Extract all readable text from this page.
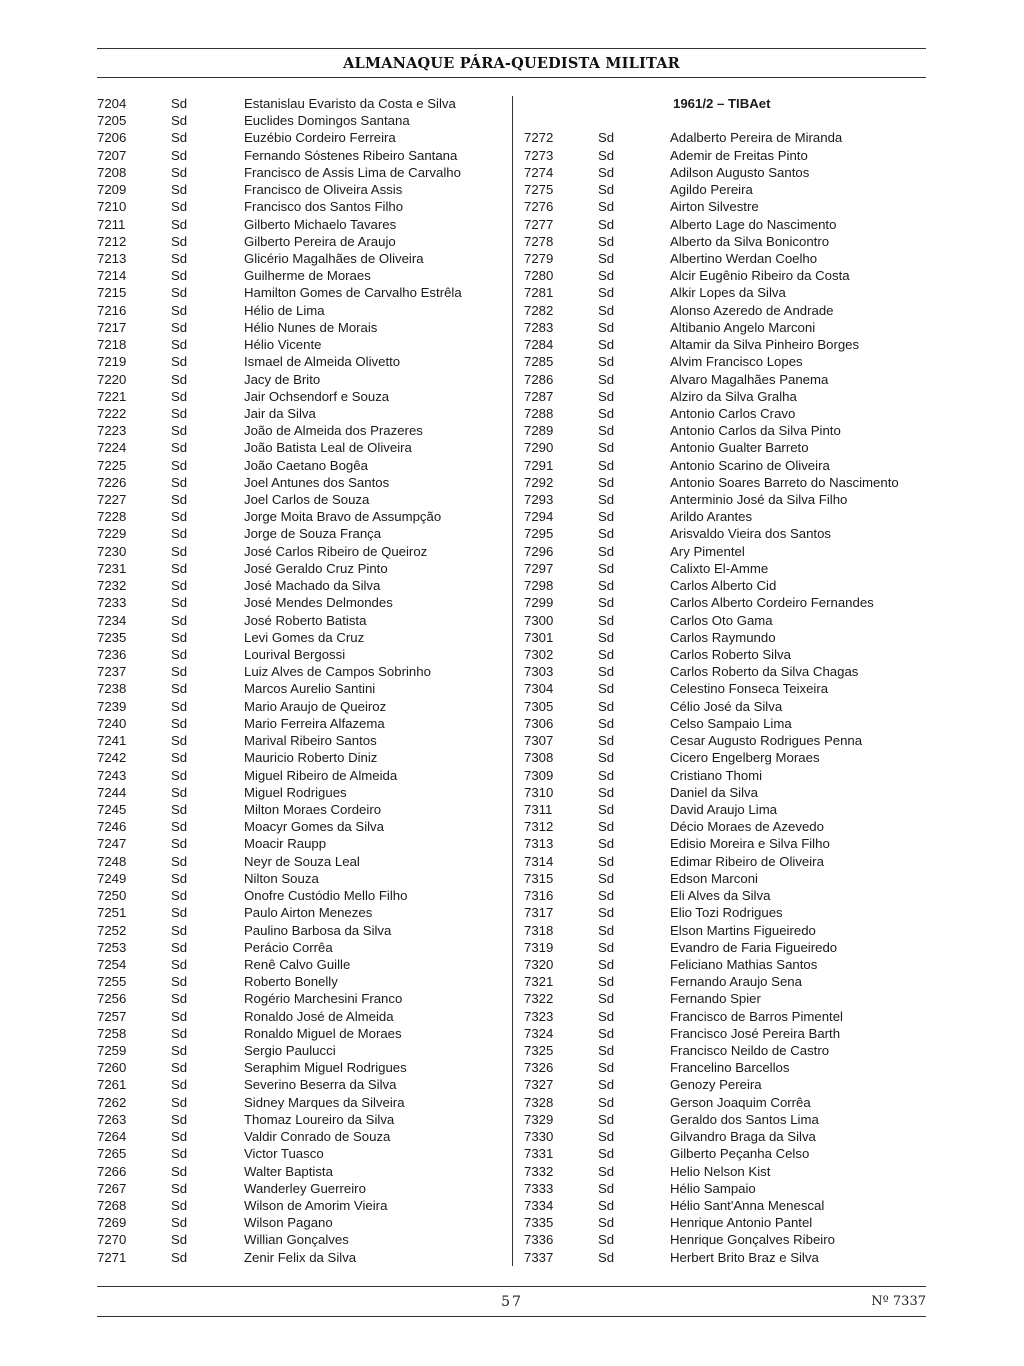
ALMANAQUE PÁRA-QUEDISTA MILITAR
7204	Sd	Estanislau Evaristo da Costa e Silva
7205	Sd	Euclides Domingos Santana
7206	Sd	Euzébio Cordeiro Ferreira
7207	Sd	Fernando Sóstenes Ribeiro Santana
7208	Sd	Francisco de Assis Lima de Carvalho
7209	Sd	Francisco de Oliveira Assis
7210	Sd	Francisco dos Santos Filho
7211	Sd	Gilberto Michaelo Tavares
7212	Sd	Gilberto Pereira de Araujo
7213	Sd	Glicério Magalhães de Oliveira
7214	Sd	Guilherme de Moraes
7215	Sd	Hamilton Gomes de Carvalho Estrêla
7216	Sd	Hélio de Lima
7217	Sd	Hélio Nunes de Morais
7218	Sd	Hélio Vicente
7219	Sd	Ismael de Almeida Olivetto
7220	Sd	Jacy de Brito
7221	Sd	Jair Ochsendorf e Souza
7222	Sd	Jair da Silva
7223	Sd	João de Almeida dos Prazeres
7224	Sd	João Batista Leal de Oliveira
7225	Sd	João Caetano Bogêa
7226	Sd	Joel Antunes dos Santos
7227	Sd	Joel Carlos de Souza
7228	Sd	Jorge Moita Bravo de Assumpção
7229	Sd	Jorge de Souza França
7230	Sd	José Carlos Ribeiro de Queiroz
7231	Sd	José Geraldo Cruz Pinto
7232	Sd	José Machado da Silva
7233	Sd	José Mendes Delmondes
7234	Sd	José Roberto Batista
7235	Sd	Levi Gomes da Cruz
7236	Sd	Lourival Bergossi
7237	Sd	Luiz Alves de Campos Sobrinho
7238	Sd	Marcos Aurelio Santini
7239	Sd	Mario Araujo de Queiroz
7240	Sd	Mario Ferreira Alfazema
7241	Sd	Marival Ribeiro Santos
7242	Sd	Mauricio Roberto Diniz
7243	Sd	Miguel Ribeiro de Almeida
7244	Sd	Miguel Rodrigues
7245	Sd	Milton Moraes Cordeiro
7246	Sd	Moacyr Gomes da Silva
7247	Sd	Moacir Raupp
7248	Sd	Neyr de Souza Leal
7249	Sd	Nilton Souza
7250	Sd	Onofre Custódio Mello Filho
7251	Sd	Paulo Airton Menezes
7252	Sd	Paulino Barbosa da Silva
7253	Sd	Perácio Corrêa
7254	Sd	Renê Calvo Guille
7255	Sd	Roberto Bonelly
7256	Sd	Rogério Marchesini Franco
7257	Sd	Ronaldo José de Almeida
7258	Sd	Ronaldo Miguel de Moraes
7259	Sd	Sergio Paulucci
7260	Sd	Seraphim Miguel Rodrigues
7261	Sd	Severino Beserra da Silva
7262	Sd	Sidney Marques da Silveira
7263	Sd	Thomaz Loureiro da Silva
7264	Sd	Valdir Conrado de Souza
7265	Sd	Victor Tuasco
7266	Sd	Walter Baptista
7267	Sd	Wanderley Guerreiro
7268	Sd	Wilson de Amorim Vieira
7269	Sd	Wilson Pagano
7270	Sd	Willian Gonçalves
7271	Sd	Zenir Felix da Silva
1961/2 – TIBAet
7272	Sd	Adalberto Pereira de Miranda
7273	Sd	Ademir de Freitas Pinto
7274	Sd	Adilson Augusto Santos
7275	Sd	Agildo Pereira
7276	Sd	Airton Silvestre
7277	Sd	Alberto Lage do Nascimento
7278	Sd	Alberto da Silva Bonicontro
7279	Sd	Albertino Werdan Coelho
7280	Sd	Alcir Eugênio Ribeiro da Costa
7281	Sd	Alkir Lopes da Silva
7282	Sd	Alonso Azeredo de Andrade
7283	Sd	Altibanio Angelo Marconi
7284	Sd	Altamir da Silva Pinheiro Borges
7285	Sd	Alvim Francisco Lopes
7286	Sd	Alvaro Magalhães Panema
7287	Sd	Alziro da Silva Gralha
7288	Sd	Antonio Carlos Cravo
7289	Sd	Antonio Carlos da Silva Pinto
7290	Sd	Antonio Gualter Barreto
7291	Sd	Antonio Scarino de Oliveira
7292	Sd	Antonio Soares Barreto do Nascimento
7293	Sd	Anterminio José da Silva Filho
7294	Sd	Arildo Arantes
7295	Sd	Arisvaldo Vieira dos Santos
7296	Sd	Ary Pimentel
7297	Sd	Calixto El-Amme
7298	Sd	Carlos Alberto Cid
7299	Sd	Carlos Alberto Cordeiro Fernandes
7300	Sd	Carlos Oto Gama
7301	Sd	Carlos Raymundo
7302	Sd	Carlos Roberto Silva
7303	Sd	Carlos Roberto da Silva Chagas
7304	Sd	Celestino Fonseca Teixeira
7305	Sd	Célio José da Silva
7306	Sd	Celso Sampaio Lima
7307	Sd	Cesar Augusto Rodrigues Penna
7308	Sd	Cicero Engelberg Moraes
7309	Sd	Cristiano Thomi
7310	Sd	Daniel da Silva
7311	Sd	David Araujo Lima
7312	Sd	Décio Moraes de Azevedo
7313	Sd	Edisio Moreira e Silva Filho
7314	Sd	Edimar Ribeiro de Oliveira
7315	Sd	Edson Marconi
7316	Sd	Eli Alves da Silva
7317	Sd	Elio Tozi Rodrigues
7318	Sd	Elson Martins Figueiredo
7319	Sd	Evandro de Faria Figueiredo
7320	Sd	Feliciano Mathias Santos
7321	Sd	Fernando Araujo Sena
7322	Sd	Fernando Spier
7323	Sd	Francisco de Barros Pimentel
7324	Sd	Francisco José Pereira Barth
7325	Sd	Francisco Neildo de Castro
7326	Sd	Francelino Barcellos
7327	Sd	Genozy Pereira
7328	Sd	Gerson Joaquim Corrêa
7329	Sd	Geraldo dos Santos Lima
7330	Sd	Gilvandro Braga da Silva
7331	Sd	Gilberto Peçanha Celso
7332	Sd	Helio Nelson Kist
7333	Sd	Hélio Sampaio
7334	Sd	Hélio Sant'Anna Menescal
7335	Sd	Henrique Antonio Pantel
7336	Sd	Henrique Gonçalves Ribeiro
7337	Sd	Herbert Brito Braz e Silva
57	Nº 7337
